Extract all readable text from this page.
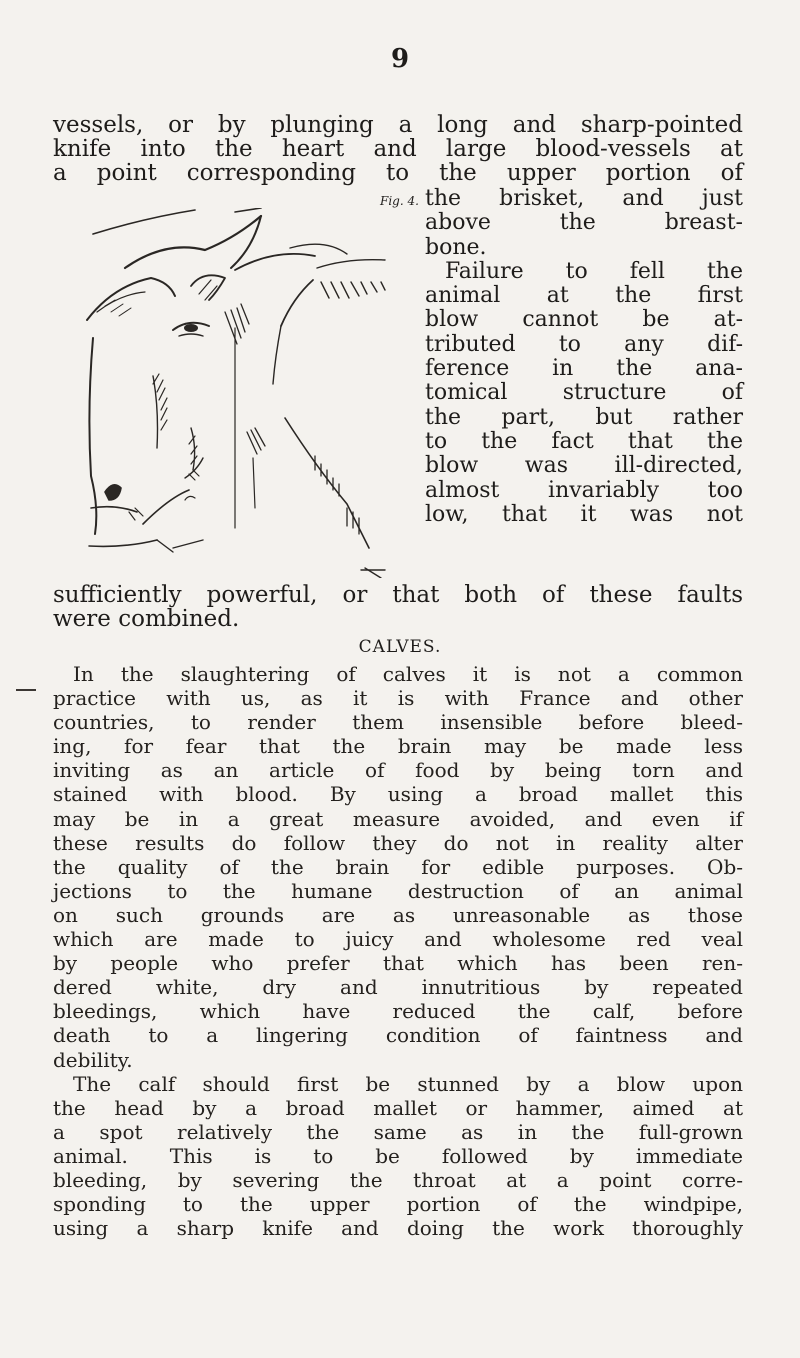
9
vessels, or by plunging a long and sharp-pointed
knife into the heart and large blood-vessels at
a point corresponding to the upper portion of
Fig. 4. the brisket, and just
above the breast-
bone.
Failure to fell the
animal at the first
blow cannot be at-
tributed to any dif-
ference in the ana-
tomical structure of
the part, but rather
to the fact that the
blow was ill-directed,
almost invariably too
low, that it was not
sufficiently powerful, or that both of these faults
were combined.
CALVES.
In the slaughtering of calves it is not a common
practice with us, as it is with France and other
countries, to render them insensible before bleed-
ing, for fear that the brain may be made less
inviting as an article of food by being torn and
stained with blood. By using a broad mallet this
may be in a great measure avoided, and even if
these results do follow they do not in reality alter
the quality of the brain for edible purposes. Ob-
jections to the humane destruction of an animal
on such grounds are as unreasonable as those
which are made to juicy and wholesome red veal
by people who prefer that which has been ren-
dered white, dry and innutritious by repeated
bleedings, which have reduced the calf, before
death to a lingering condition of faintness and
debility.
The calf should first be stunned by a blow upon
the head by a broad mallet or hammer, aimed at
a spot relatively the same as in the full-grown
animal. This is to be followed by immediate
bleeding, by severing the throat at a point corre-
sponding to the upper portion of the windpipe,
using a sharp knife and doing the work thoroughly
